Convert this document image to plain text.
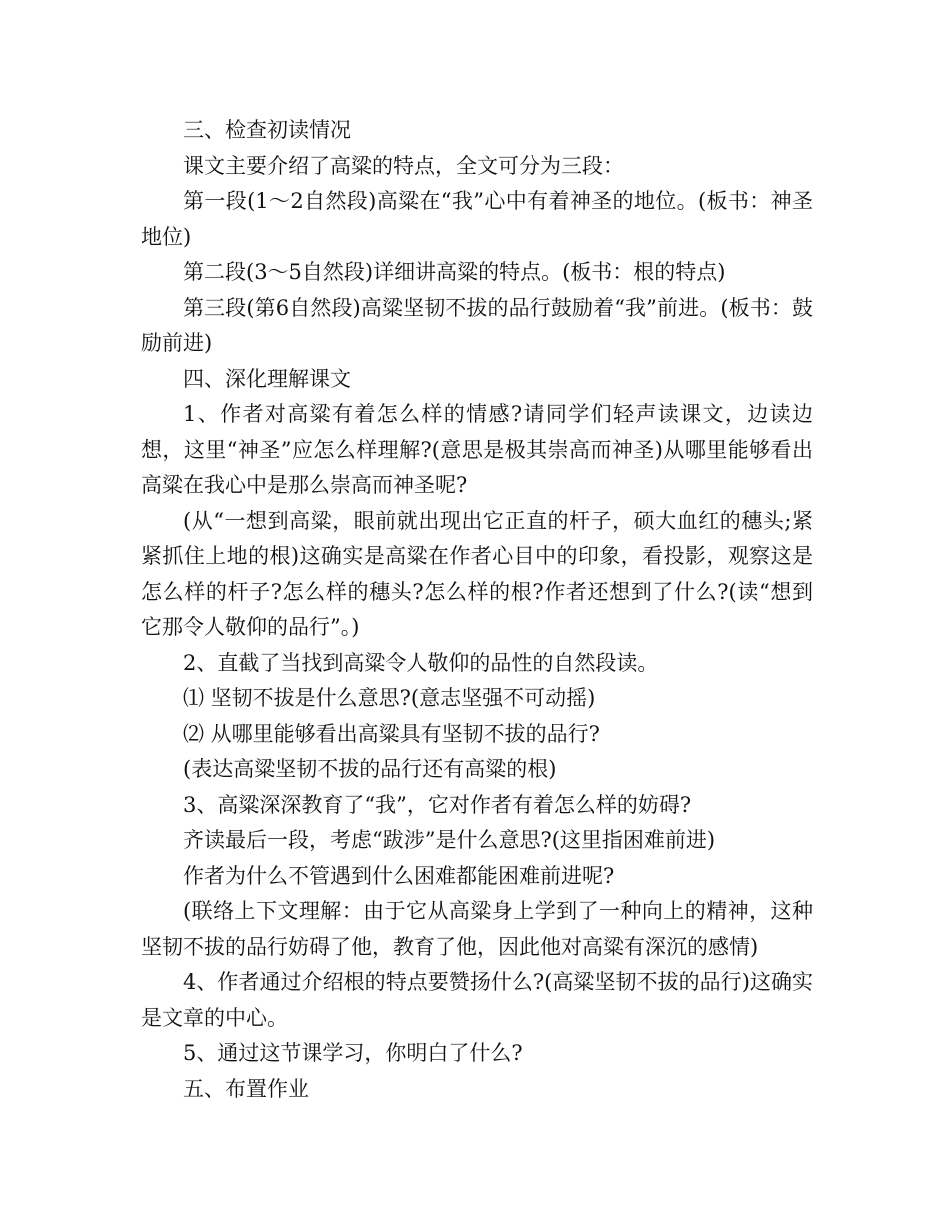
三、检查初读情况

课文主要介绍了高粱的特点，全文可分为三段：

第一段(1～2自然段)高粱在“我”心中有着神圣的地位。(板书：神圣地位)

第二段(3～5自然段)详细讲高粱的特点。(板书：根的特点)

第三段(第6自然段)高粱坚韧不拔的品行鼓励着“我”前进。(板书：鼓励前进)

四、深化理解课文

1、作者对高粱有着怎么样的情感?请同学们轻声读课文，边读边想，这里“神圣”应怎么样理解?(意思是极其崇高而神圣)从哪里能够看出高粱在我心中是那么崇高而神圣呢?

(从“一想到高粱，眼前就出现出它正直的杆子，硕大血红的穗头;紧紧抓住上地的根)这确实是高粱在作者心目中的印象，看投影，观察这是怎么样的杆子?怎么样的穗头?怎么样的根?作者还想到了什么?(读“想到它那令人敬仰的品行”。)

2、直截了当找到高粱令人敬仰的品性的自然段读。

⑴ 坚韧不拔是什么意思?(意志坚强不可动摇)

⑵ 从哪里能够看出高粱具有坚韧不拔的品行?

(表达高粱坚韧不拔的品行还有高粱的根)

3、高粱深深教育了“我”，它对作者有着怎么样的妨碍?

齐读最后一段，考虑“跋涉”是什么意思?(这里指困难前进)

作者为什么不管遇到什么困难都能困难前进呢?

(联络上下文理解：由于它从高粱身上学到了一种向上的精神，这种坚韧不拔的品行妨碍了他，教育了他，因此他对高粱有深沉的感情)

4、作者通过介绍根的特点要赞扬什么?(高粱坚韧不拔的品行)这确实是文章的中心。

5、通过这节课学习，你明白了什么?

五、布置作业
